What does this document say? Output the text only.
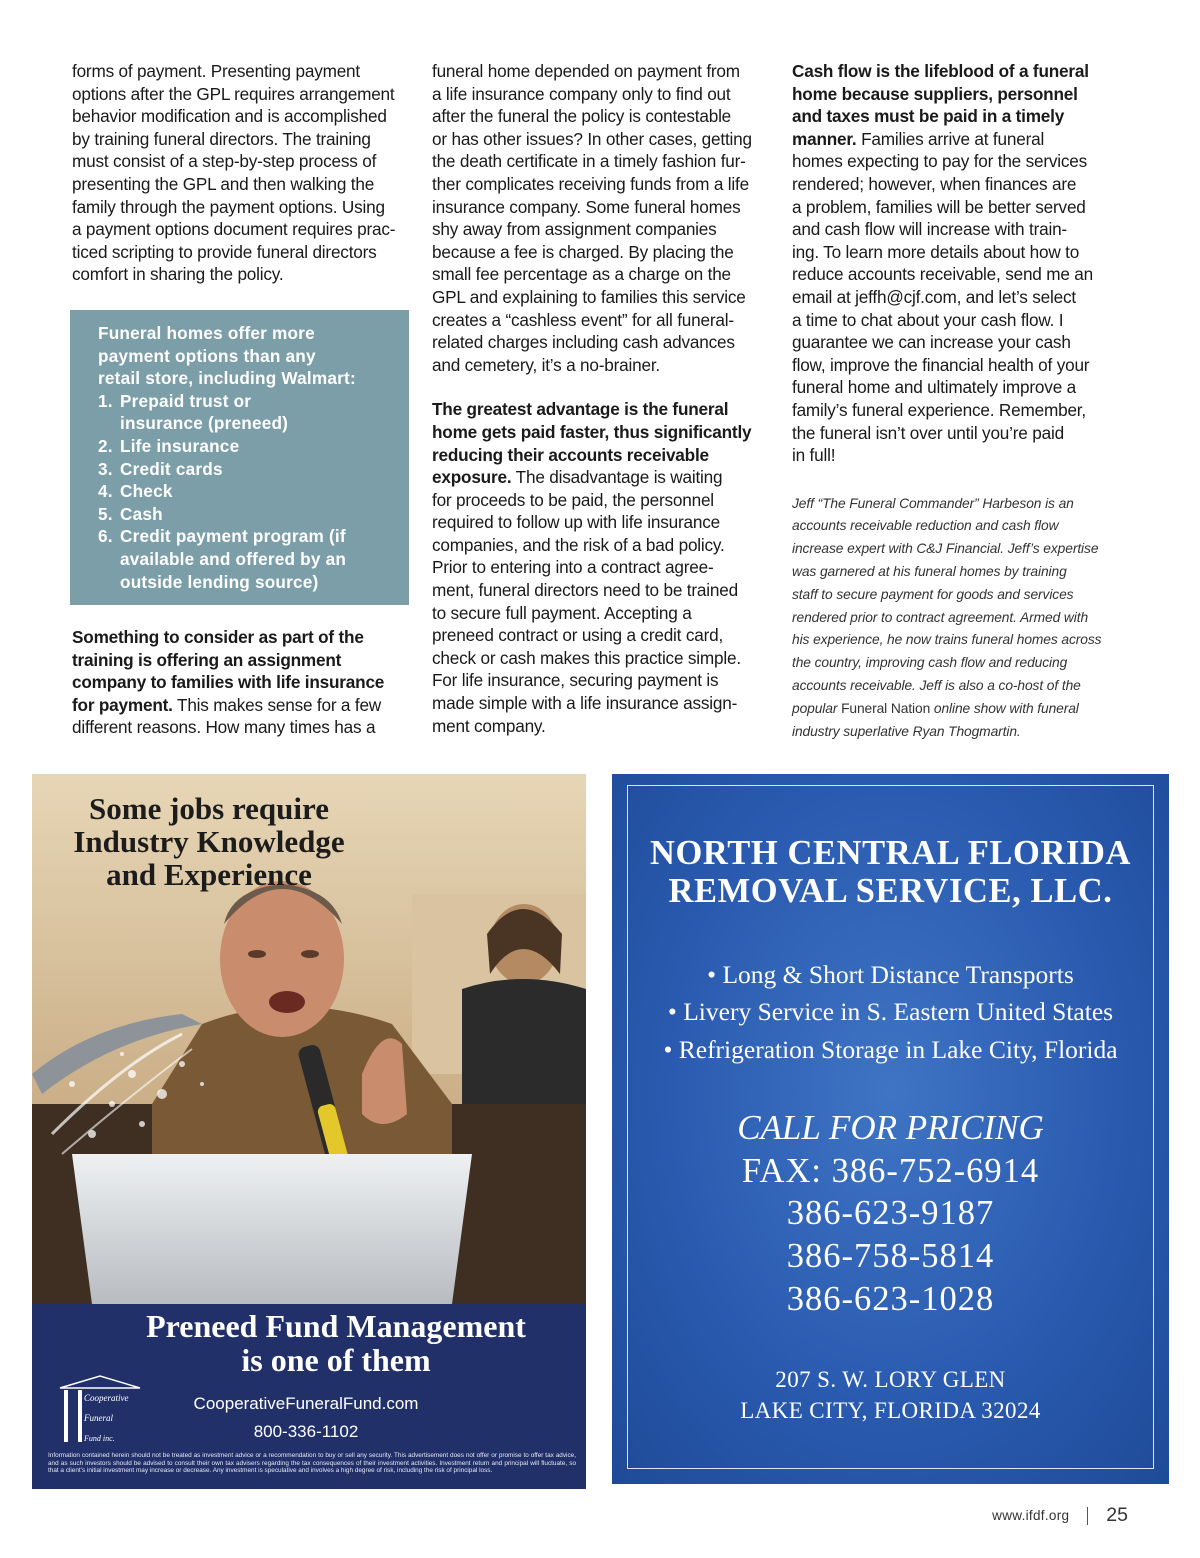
forms of payment. Presenting payment
options after the GPL requires arrangement
behavior modification and is accomplished
by training funeral directors. The training
must consist of a step-by-step process of
presenting the GPL and then walking the
family through the payment options. Using
a payment options document requires prac-
ticed scripting to provide funeral directors
comfort in sharing the policy.

Funeral homes offer more
payment options than any
retail store, including Walmart:
1. Prepaid trust or
insurance (preneed)
2. Life insurance
3. Credit cards
4. Check
5. Cash
6. Credit payment program (if
available and offered by an
outside lending source)

Something to consider as part of the
training is offering an assignment
company to families with life insurance
for payment. This makes sense for a few
different reasons. How many times has a

funeral home depended on payment from
a life insurance company only to find out
after the funeral the policy is contestable
or has other issues? In other cases, getting
the death certificate in a timely fashion fur-
ther complicates receiving funds from a life
insurance company. Some funeral homes
shy away from assignment companies
because a fee is charged. By placing the
small fee percentage as a charge on the
GPL and explaining to families this service
creates a “cashless event” for all funeral-
related charges including cash advances
and cemetery, it’s a no-brainer.

The greatest advantage is the funeral
home gets paid faster, thus significantly
reducing their accounts receivable
exposure. The disadvantage is waiting
for proceeds to be paid, the personnel
required to follow up with life insurance
companies, and the risk of a bad policy.
Prior to entering into a contract agree-
ment, funeral directors need to be trained
to secure full payment. Accepting a
preneed contract or using a credit card,
check or cash makes this practice simple.
For life insurance, securing payment is
made simple with a life insurance assign-
ment company.

Cash flow is the lifeblood of a funeral
home because suppliers, personnel
and taxes must be paid in a timely
manner. Families arrive at funeral
homes expecting to pay for the services
rendered; however, when finances are
a problem, families will be better served
and cash flow will increase with train-
ing. To learn more details about how to
reduce accounts receivable, send me an
email at jeffh@cjf.com, and let’s select
a time to chat about your cash flow. I
guarantee we can increase your cash
flow, improve the financial health of your
funeral home and ultimately improve a
family’s funeral experience. Remember,
the funeral isn’t over until you’re paid
in full!

Jeff “The Funeral Commander” Harbeson is an
accounts receivable reduction and cash flow
increase expert with C&J Financial. Jeff’s expertise
was garnered at his funeral homes by training
staff to secure payment for goods and services
rendered prior to contract agreement. Armed with
his experience, he now trains funeral homes across
the country, improving cash flow and reducing
accounts receivable. Jeff is also a co-host of the
popular Funeral Nation online show with funeral
industry superlative Ryan Thogmartin.

Some jobs require
Industry Knowledge
and Experience
Preneed Fund Management
is one of them
Cooperative
Funeral
Fund inc.
CooperativeFuneralFund.com
800-336-1102
Information contained herein should not be treated as investment advice or a recommendation to buy or sell any security. This advertisement does not offer or promise to offer tax advice, and as such investors should be advised to consult their own tax advisers regarding the tax consequences of their investment activities. Investment return and principal will fluctuate, so that a client’s initial investment may increase or decrease. Any investment is speculative and involves a high degree of risk, including the risk of principal loss.
NORTH CENTRAL FLORIDA
REMOVAL SERVICE, LLC.
• Long & Short Distance Transports
• Livery Service in S. Eastern United States
• Refrigeration Storage in Lake City, Florida
CALL FOR PRICING
FAX: 386-752-6914
386-623-9187
386-758-5814
386-623-1028
207 S. W. LORY GLEN
LAKE CITY, FLORIDA 32024
www.ifdf.org 25
